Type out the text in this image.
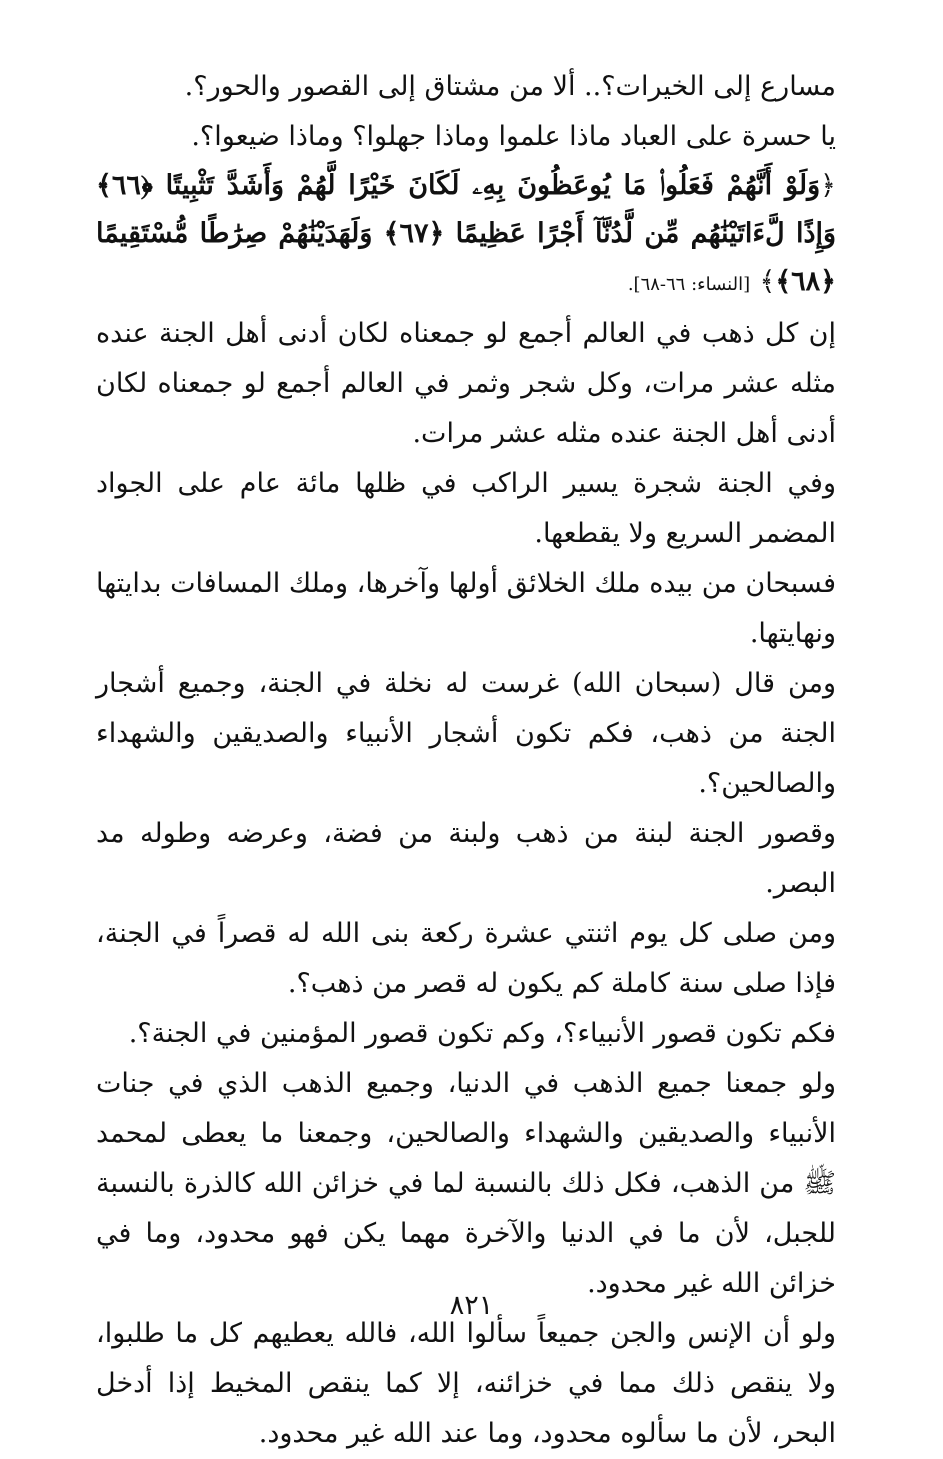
مسارع إلى الخيرات؟.. ألا من مشتاق إلى القصور والحور؟.

يا حسرة على العباد ماذا علموا وماذا جهلوا؟ وماذا ضيعوا؟.

﴿وَلَوْ أَنَّهُمْ فَعَلُوا۟ مَا يُوعَظُونَ بِهِۦ لَكَانَ خَيْرًا لَّهُمْ وَأَشَدَّ تَثْبِيتًا ﴿٦٦﴾ وَإِذًا لَّءَاتَيْنَٰهُم مِّن لَّدُنَّآ أَجْرًا عَظِيمًا ﴿٦٧﴾ وَلَهَدَيْنَٰهُمْ صِرَٰطًا مُّسْتَقِيمًا ﴿٦٨﴾﴾ [النساء: ٦٦-٦٨].

إن كل ذهب في العالم أجمع لو جمعناه لكان أدنى أهل الجنة عنده مثله عشر مرات، وكل شجر وثمر في العالم أجمع لو جمعناه لكان أدنى أهل الجنة عنده مثله عشر مرات.

وفي الجنة شجرة يسير الراكب في ظلها مائة عام على الجواد المضمر السريع ولا يقطعها.

فسبحان من بيده ملك الخلائق أولها وآخرها، وملك المسافات بدايتها ونهايتها.

ومن قال (سبحان الله) غرست له نخلة في الجنة، وجميع أشجار الجنة من ذهب، فكم تكون أشجار الأنبياء والصديقين والشهداء والصالحين؟.

وقصور الجنة لبنة من ذهب ولبنة من فضة، وعرضه وطوله مد البصر.

ومن صلى كل يوم اثنتي عشرة ركعة بنى الله له قصراً في الجنة، فإذا صلى سنة كاملة كم يكون له قصر من ذهب؟.

فكم تكون قصور الأنبياء؟، وكم تكون قصور المؤمنين في الجنة؟.

ولو جمعنا جميع الذهب في الدنيا، وجميع الذهب الذي في جنات الأنبياء والصديقين والشهداء والصالحين، وجمعنا ما يعطى لمحمد ﷺ من الذهب، فكل ذلك بالنسبة لما في خزائن الله كالذرة بالنسبة للجبل، لأن ما في الدنيا والآخرة مهما يكن فهو محدود، وما في خزائن الله غير محدود.

ولو أن الإنس والجن جميعاً سألوا الله، فالله يعطيهم كل ما طلبوا، ولا ينقص ذلك مما في خزائنه، إلا كما ينقص المخيط إذا أدخل البحر، لأن ما سألوه محدود، وما عند الله غير محدود.

٨٢١
